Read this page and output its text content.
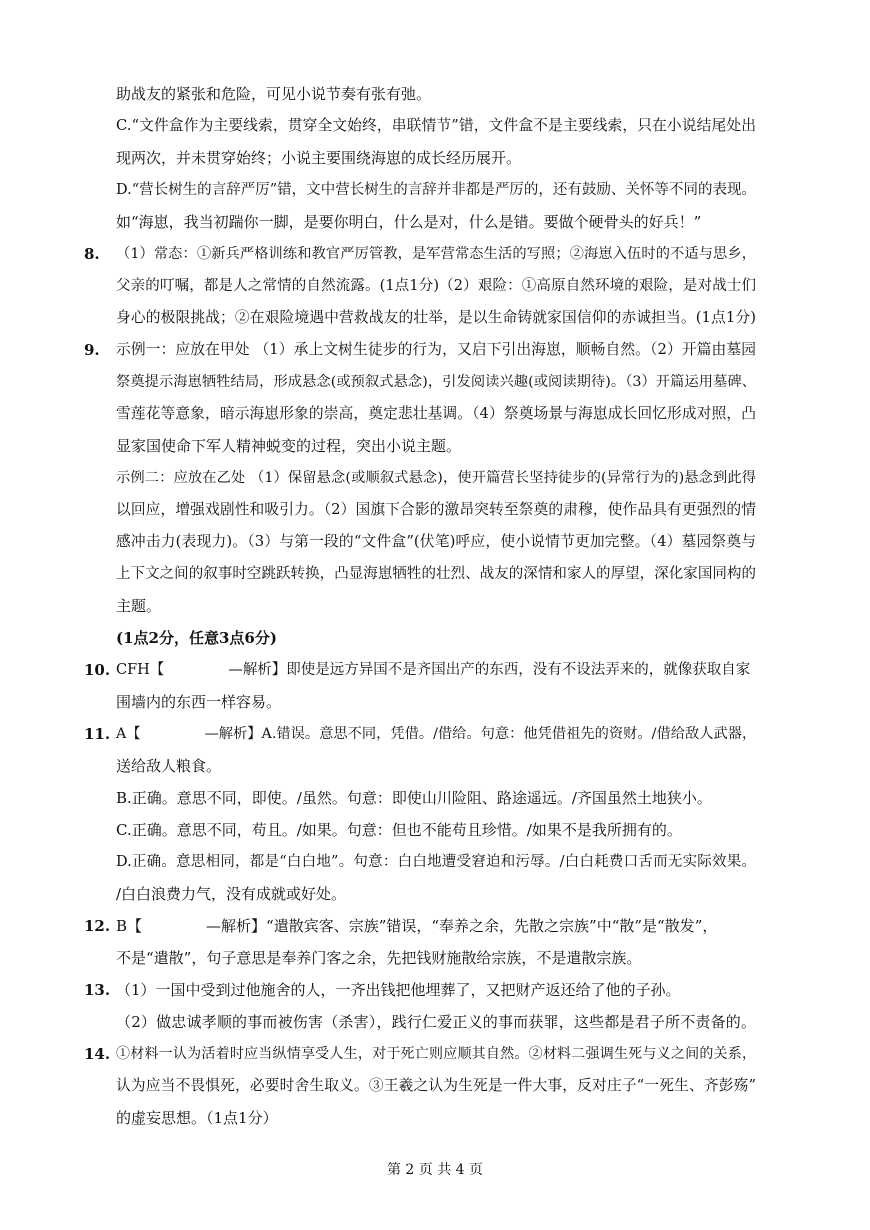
助战友的紧张和危险，可见小说节奏有张有弛。
C.“文件盒作为主要线索，贯穿全文始终，串联情节”错，文件盒不是主要线索，只在小说结尾处出
现两次，并未贯穿始终；小说主要围绕海崽的成长经历展开。
D.“营长树生的言辞严厉”错，文中营长树生的言辞并非都是严厉的，还有鼓励、关怀等不同的表现。
如“海崽，我当初踹你一脚，是要你明白，什么是对，什么是错。要做个硬骨头的好兵！”
8. （1）常态：①新兵严格训练和教官严厉管教，是军营常态生活的写照；②海崽入伍时的不适与思乡，
父亲的叮嘱，都是人之常情的自然流露。(1点1分)（2）艰险：①高原自然环境的艰险，是对战士们
身心的极限挑战；②在艰险境遇中营救战友的壮举，是以生命铸就家国信仰的赤诚担当。(1点1分)
9. 示例一：应放在甲处 （1）承上文树生徒步的行为，又启下引出海崽，顺畅自然。（2）开篇由墓园
祭奠提示海崽牺牲结局，形成悬念(或预叙式悬念)，引发阅读兴趣(或阅读期待)。（3）开篇运用墓碑、
雪莲花等意象，暗示海崽形象的崇高，奠定悲壮基调。（4）祭奠场景与海崽成长回忆形成对照，凸
显家国使命下军人精神蜕变的过程，突出小说主题。
示例二：应放在乙处 （1）保留悬念(或顺叙式悬念)，使开篇营长坚持徒步的(异常行为的)悬念到此得
以回应，增强戏剧性和吸引力。（2）国旗下合影的激昂突转至祭奠的肃穆，使作品具有更强烈的情
感冲击力(表现力)。（3）与第一段的“文件盒”(伏笔)呼应，使小说情节更加完整。（4）墓园祭奠与
上下文之间的叙事时空跳跃转换，凸显海崽牺牲的壮烈、战友的深情和家人的厚望，深化家国同构的
主题。
(1点2分，任意3点6分)
10. CFH【	—解析】即使是远方异国不是齐国出产的东西，没有不设法弄来的，就像获取自家
围墙内的东西一样容易。
11. A【	—解析】A.错误。意思不同，凭借。/借给。句意：他凭借祖先的资财。/借给敌人武器，
送给敌人粮食。
B.正确。意思不同，即使。/虽然。句意：即使山川险阻、路途遥远。/齐国虽然土地狭小。
C.正确。意思不同，苟且。/如果。句意：但也不能苟且珍惜。/如果不是我所拥有的。
D.正确。意思相同，都是“白白地”。句意：白白地遭受窘迫和污辱。/白白耗费口舌而无实际效果。
/白白浪费力气，没有成就或好处。
12. B【	—解析】“遣散宾客、宗族”错误，“奉养之余，先散之宗族”中“散”是“散发”，
不是“遣散”，句子意思是奉养门客之余，先把钱财施散给宗族，不是遣散宗族。
13. （1）一国中受到过他施舍的人，一齐出钱把他埋葬了，又把财产返还给了他的子孙。
（2）做忠诚孝顺的事而被伤害（杀害），践行仁爱正义的事而获罪，这些都是君子所不责备的。
14. ①材料一认为活着时应当纵情享受人生，对于死亡则应顺其自然。②材料二强调生死与义之间的关系，
认为应当不畏惧死，必要时舍生取义。③王羲之认为生死是一件大事，反对庄子“一死生、齐彭殇”
的虚妄思想。（1点1分）
第 2 页 共 4 页
